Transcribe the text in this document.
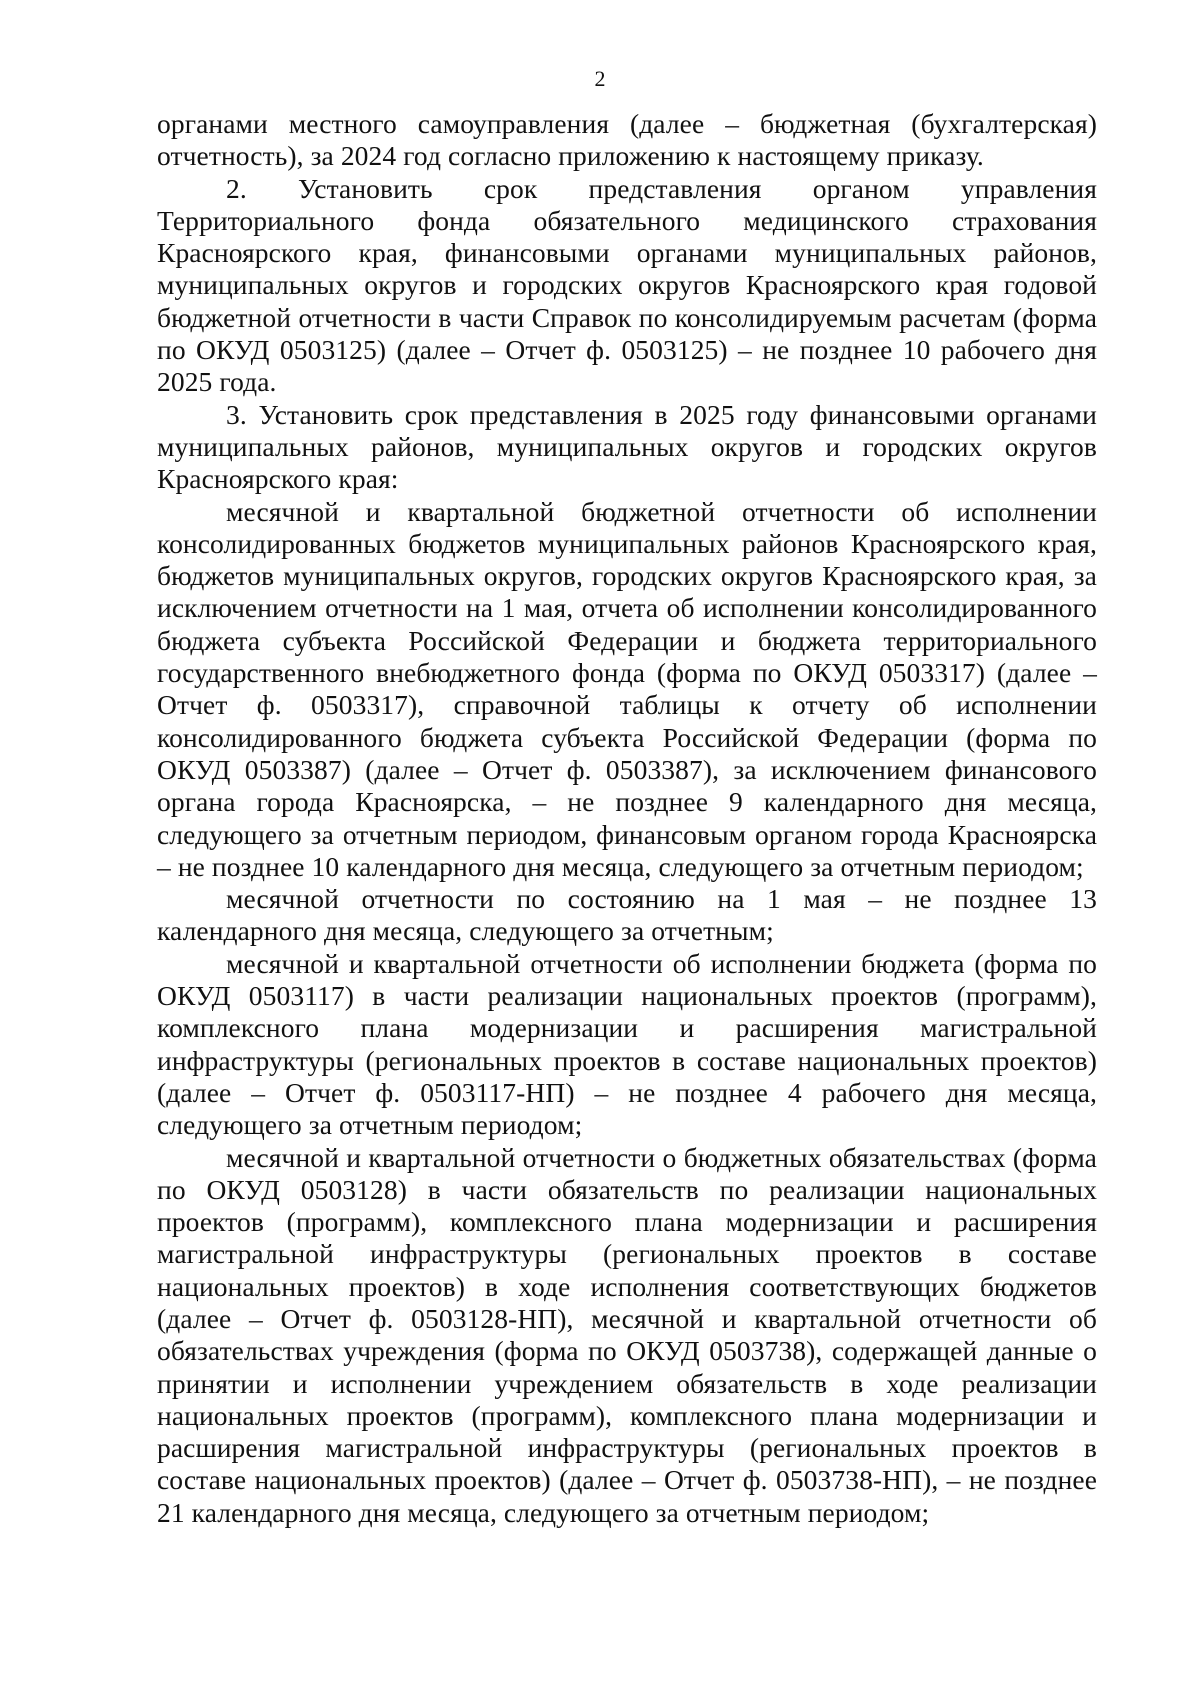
2

органами местного самоуправления (далее – бюджетная (бухгалтерская) отчетность), за 2024 год согласно приложению к настоящему приказу.

2. Установить срок представления органом управления Территориального фонда обязательного медицинского страхования Красноярского края, финансовыми органами муниципальных районов, муниципальных округов и городских округов Красноярского края годовой бюджетной отчетности в части Справок по консолидируемым расчетам (форма по ОКУД 0503125) (далее – Отчет ф. 0503125) – не позднее 10 рабочего дня 2025 года.

3. Установить срок представления в 2025 году финансовыми органами муниципальных районов, муниципальных округов и городских округов Красноярского края:

месячной и квартальной бюджетной отчетности об исполнении консолидированных бюджетов муниципальных районов Красноярского края, бюджетов муниципальных округов, городских округов Красноярского края, за исключением отчетности на 1 мая, отчета об исполнении консолидированного бюджета субъекта Российской Федерации и бюджета территориального государственного внебюджетного фонда (форма по ОКУД 0503317) (далее – Отчет ф. 0503317), справочной таблицы к отчету об исполнении консолидированного бюджета субъекта Российской Федерации (форма по ОКУД 0503387) (далее – Отчет ф. 0503387), за исключением финансового органа города Красноярска, – не позднее 9 календарного дня месяца, следующего за отчетным периодом, финансовым органом города Красноярска – не позднее 10 календарного дня месяца, следующего за отчетным периодом;

месячной отчетности по состоянию на 1 мая – не позднее 13 календарного дня месяца, следующего за отчетным;

месячной и квартальной отчетности об исполнении бюджета (форма по ОКУД 0503117) в части реализации национальных проектов (программ), комплексного плана модернизации и расширения магистральной инфраструктуры (региональных проектов в составе национальных проектов) (далее – Отчет ф. 0503117-НП) – не позднее 4 рабочего дня месяца, следующего за отчетным периодом;

месячной и квартальной отчетности о бюджетных обязательствах (форма по ОКУД 0503128) в части обязательств по реализации национальных проектов (программ), комплексного плана модернизации и расширения магистральной инфраструктуры (региональных проектов в составе национальных проектов) в ходе исполнения соответствующих бюджетов (далее – Отчет ф. 0503128-НП), месячной и квартальной отчетности об обязательствах учреждения (форма по ОКУД 0503738), содержащей данные о принятии и исполнении учреждением обязательств в ходе реализации национальных проектов (программ), комплексного плана модернизации и расширения магистральной инфраструктуры (региональных проектов в составе национальных проектов) (далее – Отчет ф. 0503738-НП), – не позднее 21 календарного дня месяца, следующего за отчетным периодом;
